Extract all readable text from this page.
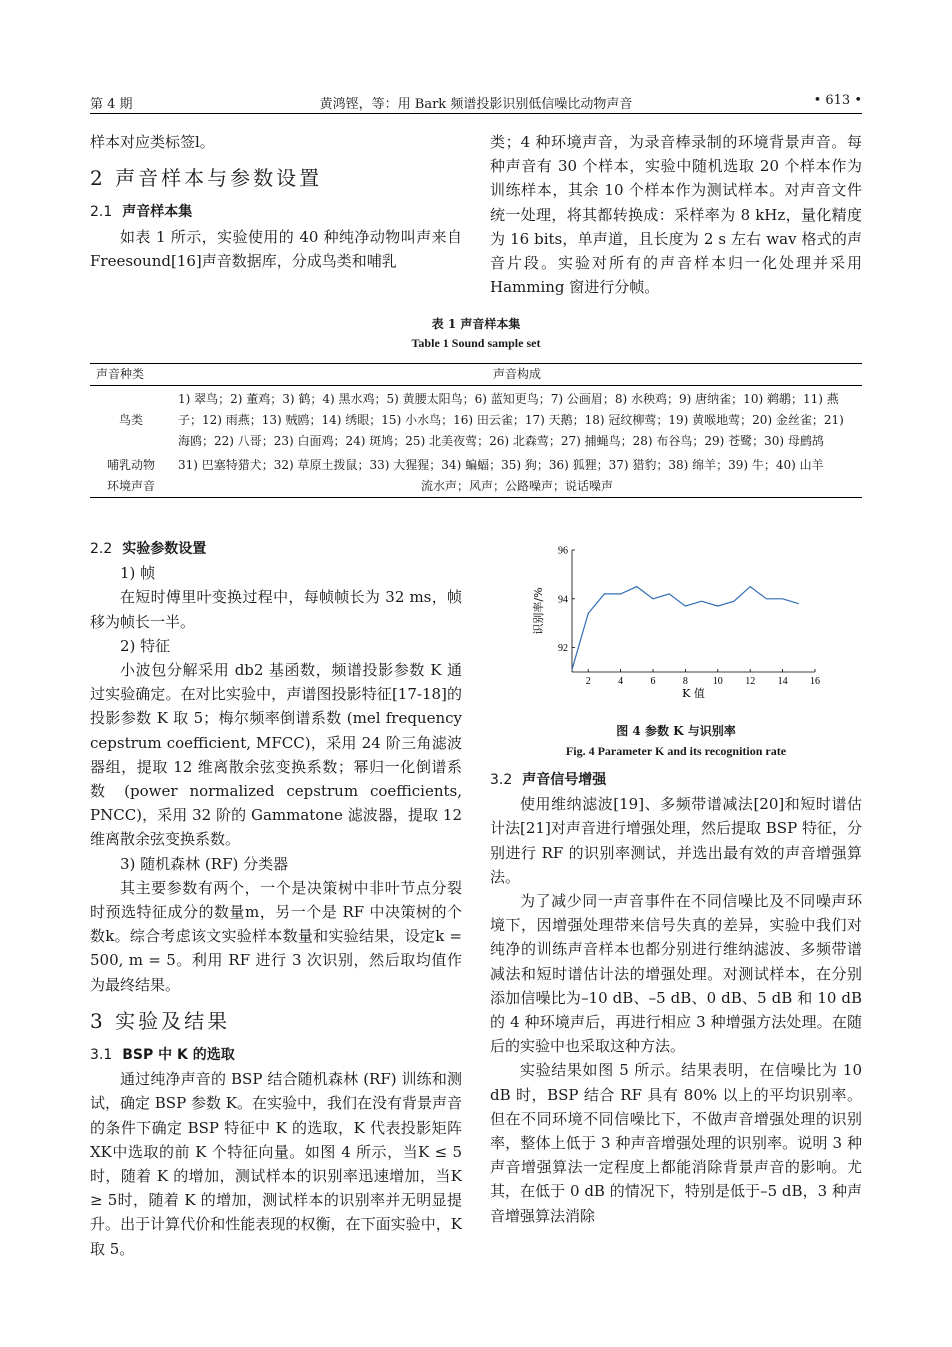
第 4 期	黄鸿铿，等：用 Bark 频谱投影识别低信噪比动物声音	• 613 •

样本对应类标签l。

2 声音样本与参数设置
2.1 声音样本集

如表 1 所示，实验使用的 40 种纯净动物叫声来自 Freesound[16]声音数据库，分成鸟类和哺乳

类；4 种环境声音，为录音棒录制的环境背景声音。每种声音有 30 个样本，实验中随机选取 20 个样本作为训练样本，其余 10 个样本作为测试样本。对声音文件统一处理，将其都转换成：采样率为 8 kHz，量化精度为 16 bits，单声道，且长度为 2 s 左右 wav 格式的声音片段。实验对所有的声音样本归一化处理并采用 Hamming 窗进行分帧。

表 1 声音样本集
Table 1 Sound sample set
声音种类	声音构成
鸟类	1) 翠鸟；2) 董鸡；3) 鹤；4) 黑水鸡；5) 黄腰太阳鸟；6) 蓝知更鸟；7) 公画眉；8) 水秧鸡；9) 唐纳雀；10) 鹈鹕；11) 燕子；12) 雨燕；13) 贼鸥；14) 绣眼；15) 小水鸟；16) 田云雀；17) 天鹅；18) 冠纹柳莺；19) 黄喉地莺；20) 金丝雀；21) 海鸥；22) 八哥；23) 白面鸡；24) 斑鸠；25) 北美夜莺；26) 北森莺；27) 捕蝇鸟；28) 布谷鸟；29) 苍鹭；30) 母鹧鸪
哺乳动物	31) 巴塞特猎犬；32) 草原土拨鼠；33) 大猩猩；34) 蝙蝠；35) 狗；36) 狐狸；37) 猎豹；38) 绵羊；39) 牛；40) 山羊
环境声音	流水声；风声；公路噪声；说话噪声
2.2 实验参数设置

1) 帧

在短时傅里叶变换过程中，每帧帧长为 32 ms，帧移为帧长一半。

2) 特征

小波包分解采用 db2 基函数，频谱投影参数 K 通过实验确定。在对比实验中，声谱图投影特征[17-18]的投影参数 K 取 5；梅尔频率倒谱系数 (mel frequency cepstrum coefficient, MFCC)，采用 24 阶三角滤波器组，提取 12 维离散余弦变换系数；幂归一化倒谱系数 (power normalized cepstrum coefficients, PNCC)，采用 32 阶的 Gammatone 滤波器，提取 12 维离散余弦变换系数。

3) 随机森林 (RF) 分类器

其主要参数有两个，一个是决策树中非叶节点分裂时预选特征成分的数量m，另一个是 RF 中决策树的个数k。综合考虑该文实验样本数量和实验结果，设定k = 500, m = 5。利用 RF 进行 3 次识别，然后取均值作为最终结果。

3 实验及结果
3.1 BSP 中 K 的选取

通过纯净声音的 BSP 结合随机森林 (RF) 训练和测试，确定 BSP 参数 K。在实验中，我们在没有背景声音的条件下确定 BSP 特征中 K 的选取，K 代表投影矩阵 XK中选取的前 K 个特征向量。如图 4 所示，当K ≤ 5时，随着 K 的增加，测试样本的识别率迅速增加，当K ≥ 5时，随着 K 的增加，测试样本的识别率并无明显提升。出于计算代价和性能表现的权衡，在下面实验中，K 取 5。

2	4	6	8 10 12 14 16
92
94
96
K 值
识别率/%
图 4 参数 K 与识别率
Fig. 4 Parameter K and its recognition rate
3.2 声音信号增强

使用维纳滤波[19]、多频带谱减法[20]和短时谱估计法[21]对声音进行增强处理，然后提取 BSP 特征，分别进行 RF 的识别率测试，并选出最有效的声音增强算法。

为了减少同一声音事件在不同信噪比及不同噪声环境下，因增强处理带来信号失真的差异，实验中我们对纯净的训练声音样本也都分别进行维纳滤波、多频带谱减法和短时谱估计法的增强处理。对测试样本，在分别添加信噪比为–10 dB、–5 dB、0 dB、5 dB 和 10 dB 的 4 种环境声后，再进行相应 3 种增强方法处理。在随后的实验中也采取这种方法。

实验结果如图 5 所示。结果表明，在信噪比为 10 dB 时，BSP 结合 RF 具有 80% 以上的平均识别率。但在不同环境不同信噪比下，不做声音增强处理的识别率，整体上低于 3 种声音增强处理的识别率。说明 3 种声音增强算法一定程度上都能消除背景声音的影响。尤其，在低于 0 dB 的情况下，特别是低于–5 dB，3 种声音增强算法消除
